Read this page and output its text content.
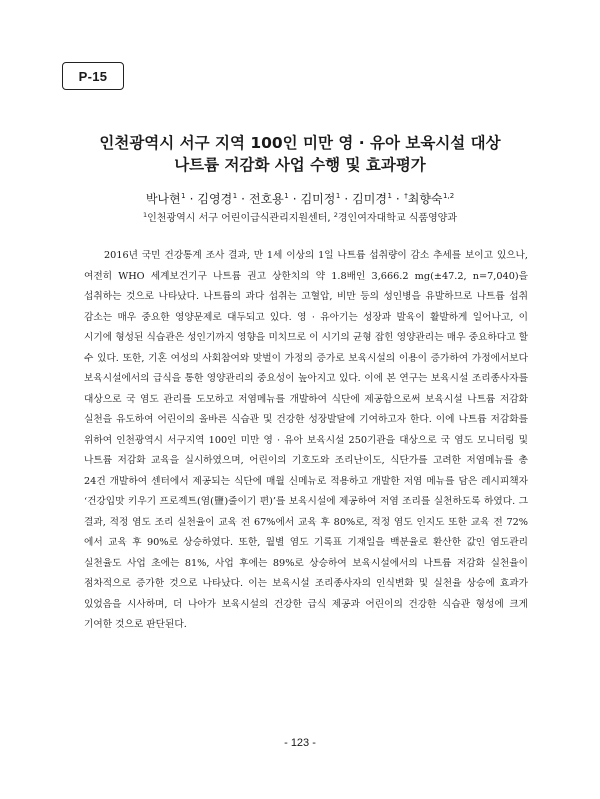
P-15
인천광역시 서구 지역 100인 미만 영 · 유아 보육시설 대상
나트륨 저감화 사업 수행 및 효과평가
박나현$^1$ · 김영경$^1$ · 전호용$^1$ · 김미정$^1$ · 김미경$^1$ · †최향숙$^{1,2}$
$^1$인천광역시 서구 어린이급식관리지원센터, $^2$경인여자대학교 식품영양과

2016년 국민 건강통계 조사 결과, 만 1세 이상의 1일 나트륨 섭취량이 감소 추세를 보이고 있으나, 여전히 WHO 세계보건기구 나트륨 권고 상한치의 약 1.8배인 3,666.2 mg(±47.2, n=7,040)을 섭취하는 것으로 나타났다. 나트륨의 과다 섭취는 고혈압, 비만 등의 성인병을 유발하므로 나트륨 섭취 감소는 매우 중요한 영양문제로 대두되고 있다. 영 · 유아기는 성장과 발육이 활발하게 일어나고, 이 시기에 형성된 식습관은 성인기까지 영향을 미치므로 이 시기의 균형 잡힌 영양관리는 매우 중요하다고 할 수 있다. 또한, 기혼 여성의 사회참여와 맞벌이 가정의 증가로 보육시설의 이용이 증가하여 가정에서보다 보육시설에서의 급식을 통한 영양관리의 중요성이 높아지고 있다. 이에 본 연구는 보육시설 조리종사자를 대상으로 국 염도 관리를 도모하고 저염메뉴를 개발하여 식단에 제공함으로써 보육시설 나트륨 저감화 실천을 유도하여 어린이의 올바른 식습관 및 건강한 성장발달에 기여하고자 한다. 이에 나트륨 저감화를 위하여 인천광역시 서구지역 100인 미만 영 · 유아 보육시설 250기관을 대상으로 국 염도 모니터링 및 나트륨 저감화 교육을 실시하였으며, 어린이의 기호도와 조리난이도, 식단가를 고려한 저염메뉴를 총 24건 개발하여 센터에서 제공되는 식단에 매월 신메뉴로 적용하고 개발한 저염 메뉴를 담은 레시피책자 ‘건강입맛 키우기 프로젝트(염(鹽)줄이기 편)’를 보육시설에 제공하여 저염 조리를 실천하도록 하였다. 그 결과, 적정 염도 조리 실천율이 교육 전 67%에서 교육 후 80%로, 적정 염도 인지도 또한 교육 전 72%에서 교육 후 90%로 상승하였다. 또한, 월별 염도 기록표 기재일을 백분율로 환산한 값인 염도관리 실천율도 사업 초에는 81%, 사업 후에는 89%로 상승하여 보육시설에서의 나트륨 저감화 실천율이 점차적으로 증가한 것으로 나타났다. 이는 보육시설 조리종사자의 인식변화 및 실천율 상승에 효과가 있었음을 시사하며, 더 나아가 보육시설의 건강한 급식 제공과 어린이의 건강한 식습관 형성에 크게 기여한 것으로 판단된다.

- 123 -
